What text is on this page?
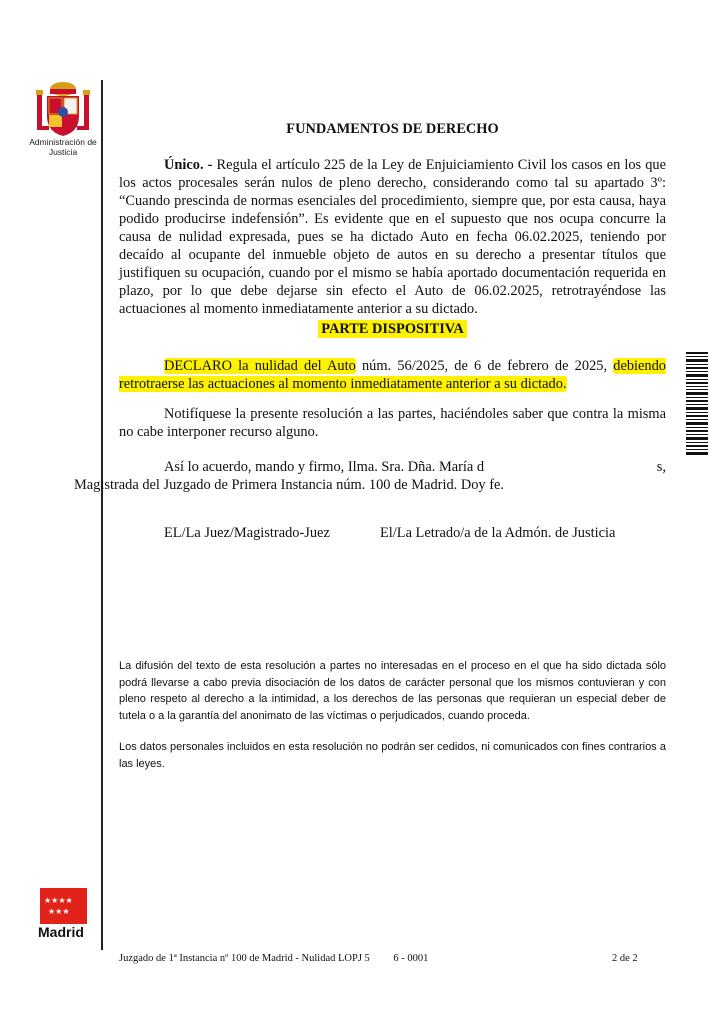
Administración de Justicia
★★★★
★★★
Madrid
FUNDAMENTOS DE DERECHO
Único. - Regula el artículo 225 de la Ley de Enjuiciamiento Civil los casos en los que los actos procesales serán nulos de pleno derecho, considerando como tal su apartado 3º: “Cuando prescinda de normas esenciales del procedimiento, siempre que, por esta causa, haya podido producirse indefensión”. Es evidente que en el supuesto que nos ocupa concurre la causa de nulidad expresada, pues se ha dictado Auto en fecha 06.02.2025, teniendo por decaído al ocupante del inmueble objeto de autos en su derecho a presentar títulos que justifiquen su ocupación, cuando por el mismo se había aportado documentación requerida en plazo, por lo que debe dejarse sin efecto el Auto de 06.02.2025, retrotrayéndose las actuaciones al momento inmediatamente anterior a su dictado.
PARTE DISPOSITIVA
DECLARO la nulidad del Auto núm. 56/2025, de 6 de febrero de 2025, debiendo retrotraerse las actuaciones al momento inmediatamente anterior a su dictado.
Notifíquese la presente resolución a las partes, haciéndoles saber que contra la misma no cabe interponer recurso alguno.
Así lo acuerdo, mando y firmo, Ilma. Sra. Dña. María d	s,
Magistrada del Juzgado de Primera Instancia núm. 100 de Madrid. Doy fe.
EL/La Juez/Magistrado-Juez	El/La Letrado/a de la Admón. de Justicia
La difusión del texto de esta resolución a partes no interesadas en el proceso en el que ha sido dictada sólo podrá llevarse a cabo previa disociación de los datos de carácter personal que los mismos contuvieran y con pleno respeto al derecho a la intimidad, a los derechos de las personas que requieran un especial deber de tutela o a la garantía del anonimato de las víctimas o perjudicados, cuando proceda.
Los datos personales incluidos en esta resolución no podrán ser cedidos, ni comunicados con fines contrarios a las leyes.
Juzgado de 1ª Instancia nº 100 de Madrid - Nulidad LOPJ 5         6 - 0001	2 de 2
